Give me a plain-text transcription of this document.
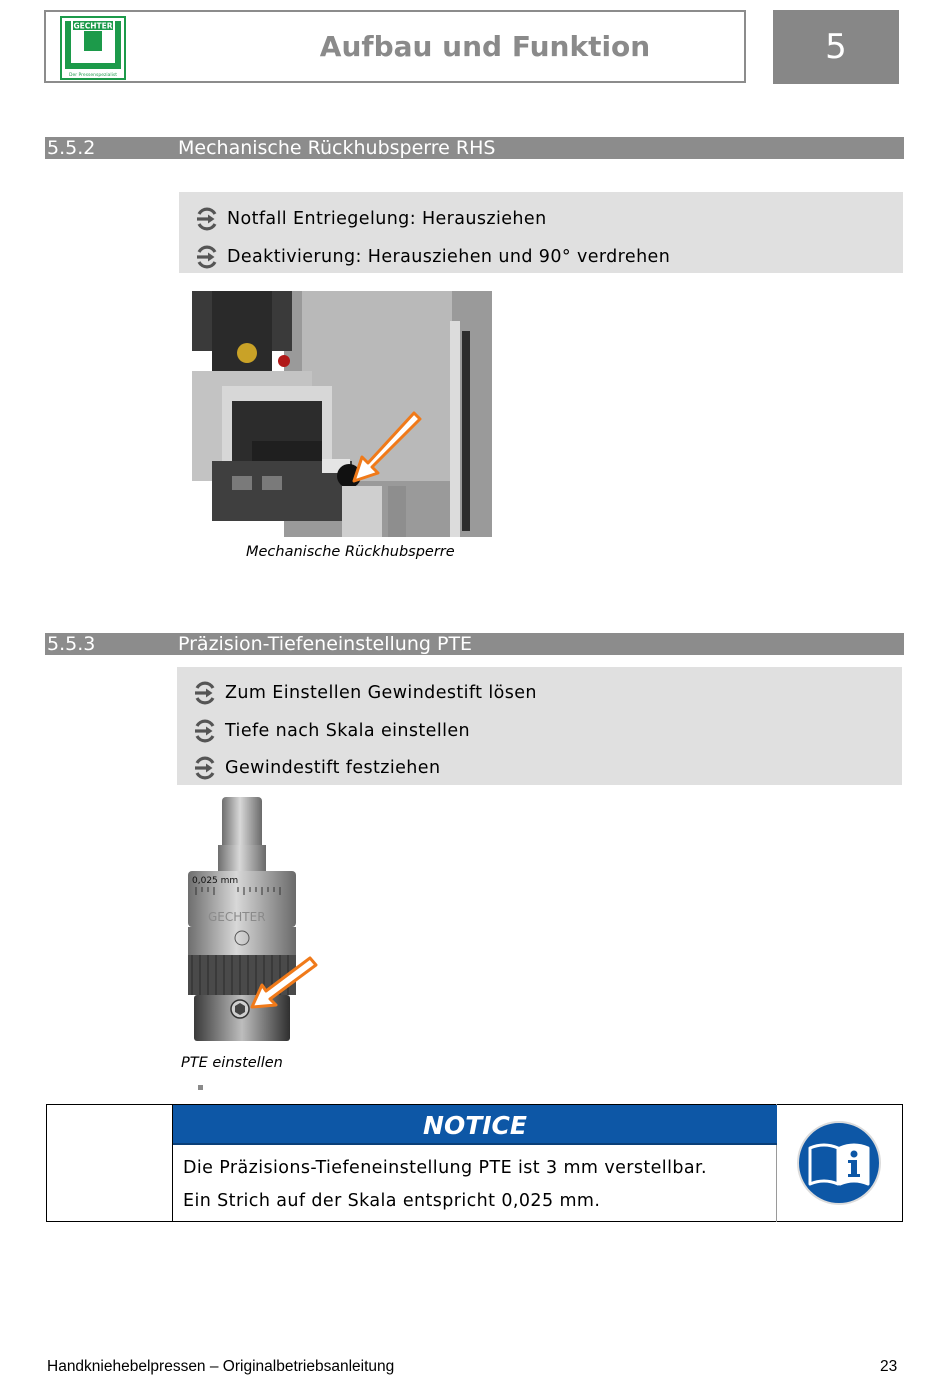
GECHTER
Der Pressenspezialist
Aufbau und Funktion	5
5.5.2	Mechanische Rückhubsperre RHS
Notfall Entriegelung: Herausziehen
Deaktivierung: Herausziehen und 90° verdrehen
Mechanische Rückhubsperre
5.5.3	Präzision-Tiefeneinstellung PTE
Zum Einstellen Gewindestift lösen
Tiefe nach Skala einstellen
Gewindestift festziehen
0,025 mm
GECHTER
PTE einstellen
NOTICE
Die Präzisions-Tiefeneinstellung PTE ist 3 mm verstellbar.
Ein Strich auf der Skala entspricht 0,025 mm.
Handkniehebelpressen – Originalbetriebsanleitung	23
